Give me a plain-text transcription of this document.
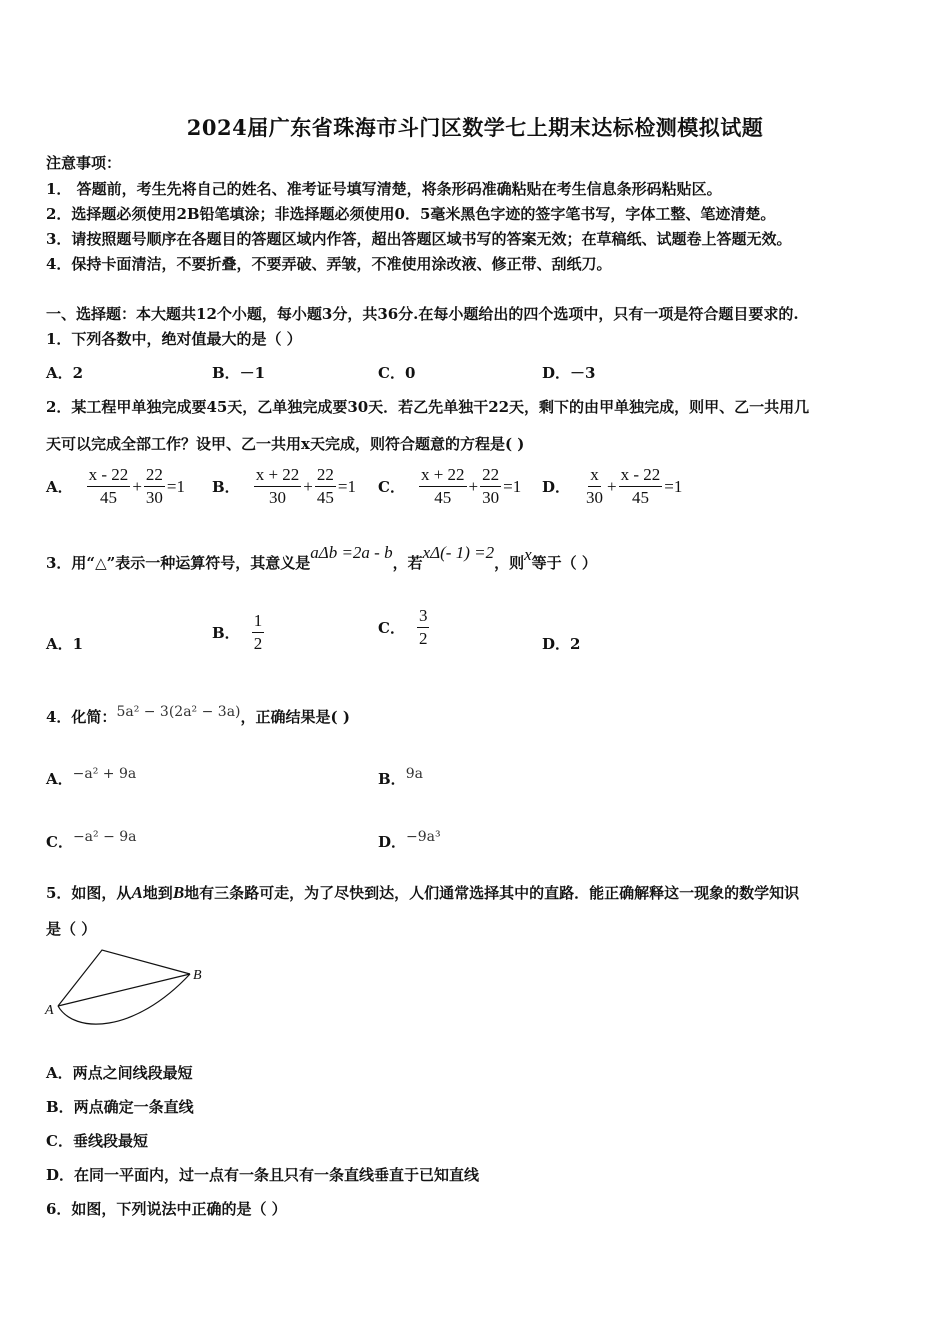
2024届广东省珠海市斗门区数学七上期末达标检测模拟试题
注意事项：
1． 答题前，考生先将自己的姓名、准考证号填写清楚，将条形码准确粘贴在考生信息条形码粘贴区。
2．选择题必须使用2B铅笔填涂；非选择题必须使用0．5毫米黑色字迹的签字笔书写，字体工整、笔迹清楚。
3．请按照题号顺序在各题目的答题区域内作答，超出答题区域书写的答案无效；在草稿纸、试题卷上答题无效。
4．保持卡面清洁，不要折叠，不要弄破、弄皱，不准使用涂改液、修正带、刮纸刀。
一、选择题：本大题共12个小题，每小题3分，共36分.在每小题给出的四个选项中，只有一项是符合题目要求的.
1．下列各数中，绝对值最大的是（ ）
A．2	B．－1	C．0	D．－3
2．某工程甲单独完成要45天，乙单独完成要30天．若乙先单独干22天，剩下的由甲单独完成，则甲、乙一共用几
天可以完成全部工作？设甲、乙一共用x天完成，则符合题意的方程是( )
A． $\frac{x - 22}{45} + \frac{22}{30} =1$ B． $\frac{x + 22}{30} + \frac{22}{45} =1$ C． $\frac{x + 22}{45} + \frac{22}{30} =1$ D． $\frac{x}{30} + \frac{x - 22}{45} =1$
3．用“△”表示一种运算符号，其意义是aΔb =2a - b，若xΔ(- 1) =2，则x等于（ ）
A． 1
B． $\frac{1}{2}$	C． $\frac{3}{2}$	D． 2
4．化简：5a² − 3(2a² − 3a)，正确结果是( )
A．−a² + 9a	B．9a
C．−a² − 9a	D．−9a³
5．如图，从A地到B地有三条路可走，为了尽快到达，人们通常选择其中的直路．能正确解释这一现象的数学知识
是（ ）
A
B
A．两点之间线段最短
B．两点确定一条直线
C．垂线段最短
D．在同一平面内，过一点有一条且只有一条直线垂直于已知直线
6．如图，下列说法中正确的是（ ）
